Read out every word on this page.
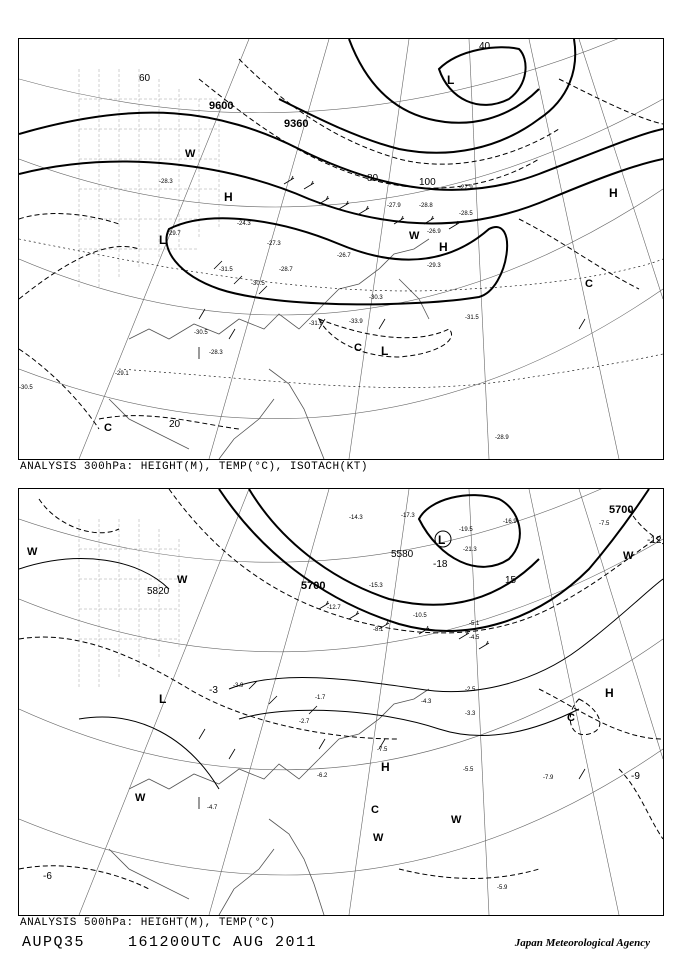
9600
9360
80	100
60
40
20
H
H
H
L
L
L
W
W
C
C
C
-29.7
-28.3
-30.5
-31.5
-33.9
-30.3
-27.9
-28.5
-26.9
-29.3
-27.3
-24.3
-30.5
-31.9
-29.1
-30.5
-28.7
-31.5
-28.8
-28.3
-27.9
-26.7
-28.9
ANALYSIS 300hPa: HEIGHT(M), TEMP(°C), ISOTACH(KT)
5820	5700
5580
5700
-18
-12
-9
-6
-3
15
L
L	H
H
W
W
W
W
W
W
C
C
-14.3	-17.3
-19.5
-21.3
-16.9	-7.5
-15.3
-12.7
-10.5
-8.1
-4.5
-5.1
-2.5
-3.3
-7.5
-5.5
-7.9
-6.2
-4.7
-3.9
-5.9
-1.7
-2.7
-4.3
ANALYSIS 500hPa: HEIGHT(M), TEMP(°C)
AUPQ35	161200UTC AUG 2011	Japan Meteorological Agency
